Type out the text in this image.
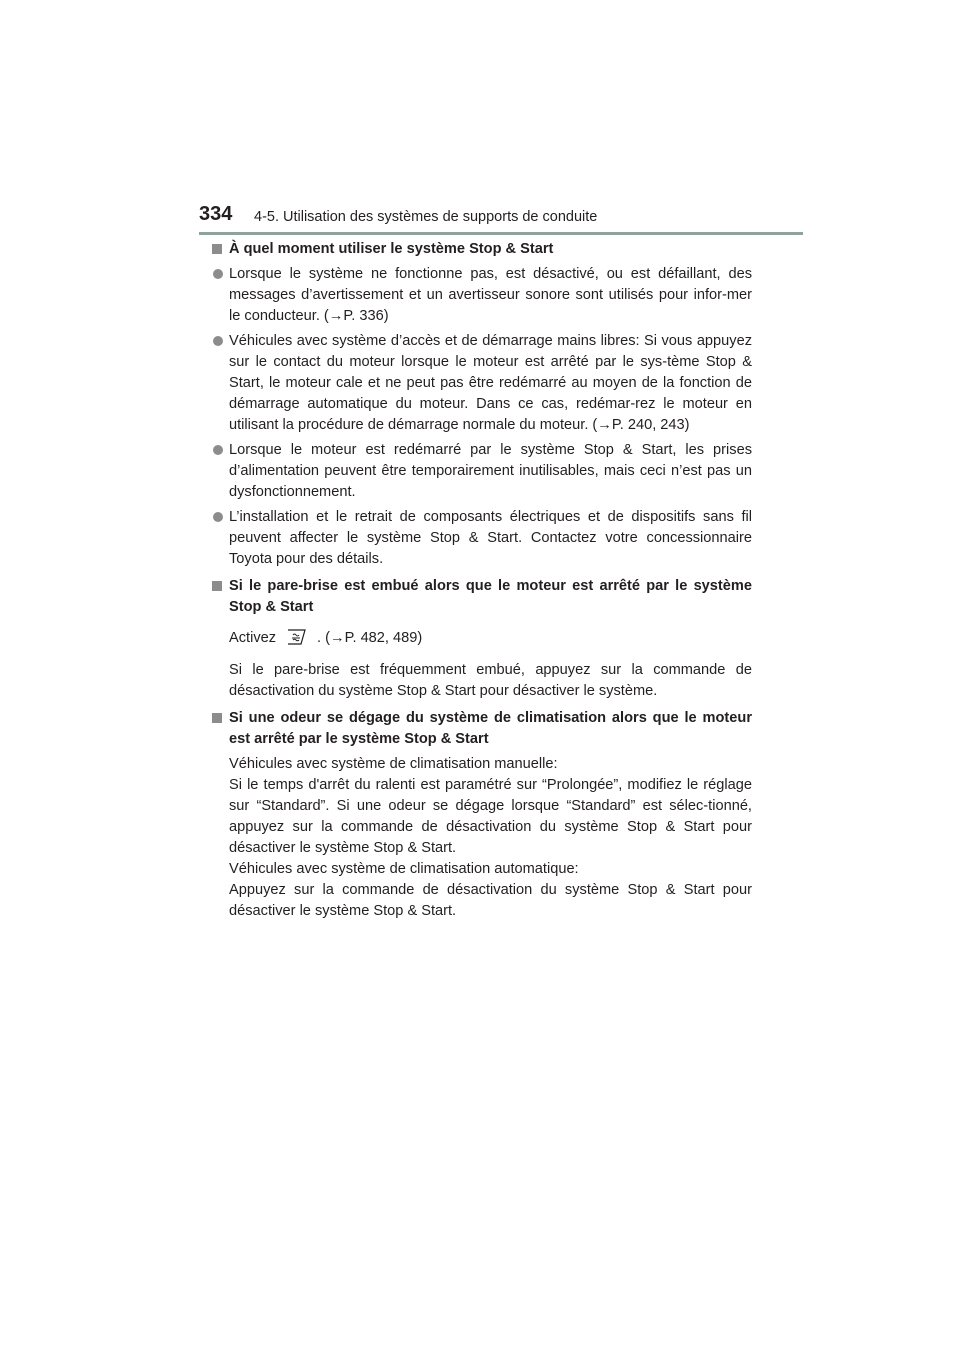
334 4-5. Utilisation des systèmes de supports de conduite
À quel moment utiliser le système Stop & Start
Lorsque le système ne fonctionne pas, est désactivé, ou est défaillant, des messages d’avertissement et un avertisseur sonore sont utilisés pour infor-mer le conducteur. (→P. 336)
Véhicules avec système d’accès et de démarrage mains libres: Si vous appuyez sur le contact du moteur lorsque le moteur est arrêté par le sys-tème Stop & Start, le moteur cale et ne peut pas être redémarré au moyen de la fonction de démarrage automatique du moteur. Dans ce cas, redémar-rez le moteur en utilisant la procédure de démarrage normale du moteur. (→P. 240, 243)
Lorsque le moteur est redémarré par le système Stop & Start, les prises d’alimentation peuvent être temporairement inutilisables, mais ceci n’est pas un dysfonctionnement.
L’installation et le retrait de composants électriques et de dispositifs sans fil peuvent affecter le système Stop & Start. Contactez votre concessionnaire Toyota pour des détails.
Si le pare-brise est embué alors que le moteur est arrêté par le système Stop & Start
Activez	. (→P. 482, 489)
Si le pare-brise est fréquemment embué, appuyez sur la commande de désactivation du système Stop & Start pour désactiver le système.
Si une odeur se dégage du système de climatisation alors que le moteur est arrêté par le système Stop & Start
Véhicules avec système de climatisation manuelle:
Si le temps d'arrêt du ralenti est paramétré sur “Prolongée”, modifiez le réglage sur “Standard”. Si une odeur se dégage lorsque “Standard” est sélec-tionné, appuyez sur la commande de désactivation du système Stop & Start pour désactiver le système Stop & Start.
Véhicules avec système de climatisation automatique:
Appuyez sur la commande de désactivation du système Stop & Start pour désactiver le système Stop & Start.
